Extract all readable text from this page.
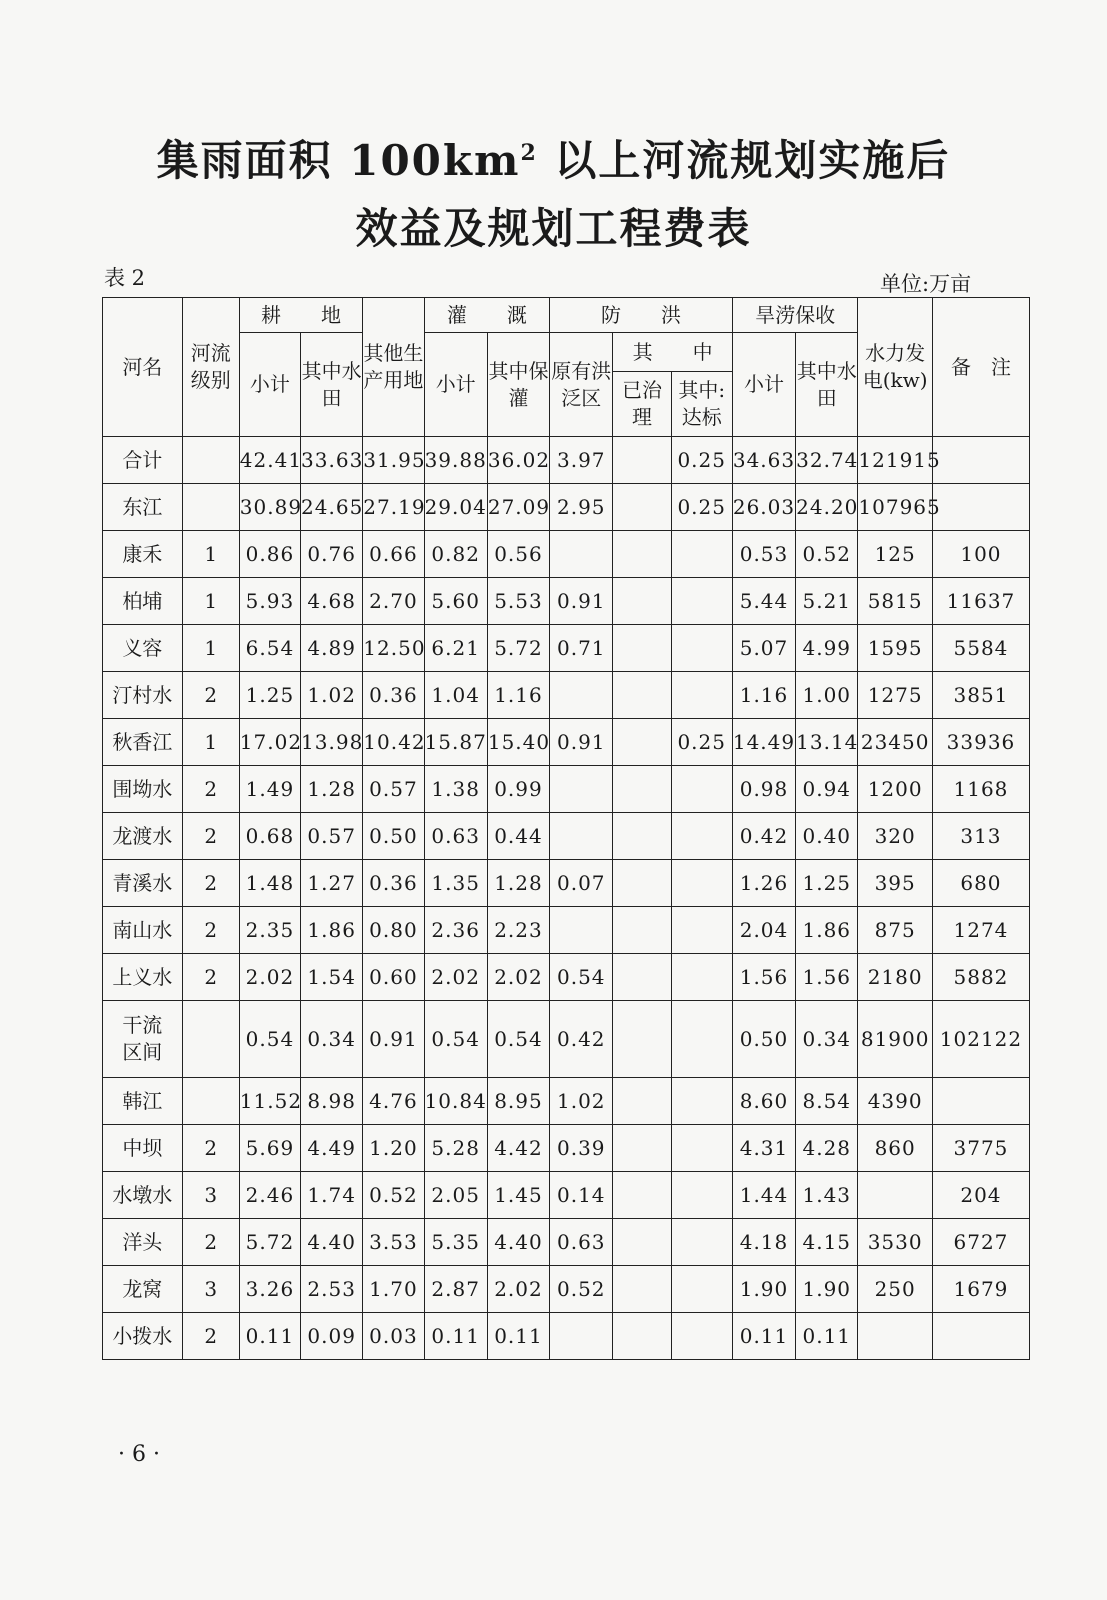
集雨面积 $100km^2$ 以上河流规划实施后
效益及规划工程费表
表 2	单位:万亩
河名	河流级别	耕　　地		其他生产用地	灌　　溉		防　　洪			旱涝保收		水力发电(kw)	备　注
		小计	其中水田		小计	其中保灌	原有洪泛区	其　　中		小计	其中水田		
								已治理	其中:达标				
合计		42.41	33.63	31.95	39.88	36.02	3.97		0.25	34.63	32.74	121915	
东江		30.89	24.65	27.19	29.04	27.09	2.95		0.25	26.03	24.20	107965	
康禾	1	0.86	0.76	0.66	0.82	0.56				0.53	0.52	125	100
柏埔	1	5.93	4.68	2.70	5.60	5.53	0.91			5.44	5.21	5815	11637
义容	1	6.54	4.89	12.50	6.21	5.72	0.71			5.07	4.99	1595	5584
汀村水	2	1.25	1.02	0.36	1.04	1.16				1.16	1.00	1275	3851
秋香江	1	17.02	13.98	10.42	15.87	15.40	0.91		0.25	14.49	13.14	23450	33936
围坳水	2	1.49	1.28	0.57	1.38	0.99				0.98	0.94	1200	1168
龙渡水	2	0.68	0.57	0.50	0.63	0.44				0.42	0.40	320	313
青溪水	2	1.48	1.27	0.36	1.35	1.28	0.07			1.26	1.25	395	680
南山水	2	2.35	1.86	0.80	2.36	2.23				2.04	1.86	875	1274
上义水	2	2.02	1.54	0.60	2.02	2.02	0.54			1.56	1.56	2180	5882
干流区间		0.54	0.34	0.91	0.54	0.54	0.42			0.50	0.34	81900	102122
韩江		11.52	8.98	4.76	10.84	8.95	1.02			8.60	8.54	4390	
中坝	2	5.69	4.49	1.20	5.28	4.42	0.39			4.31	4.28	860	3775
水墩水	3	2.46	1.74	0.52	2.05	1.45	0.14			1.44	1.43		204
洋头	2	5.72	4.40	3.53	5.35	4.40	0.63			4.18	4.15	3530	6727
龙窝	3	3.26	2.53	1.70	2.87	2.02	0.52			1.90	1.90	250	1679
小拨水	2	0.11	0.09	0.03	0.11	0.11				0.11	0.11		
· 6 ·
